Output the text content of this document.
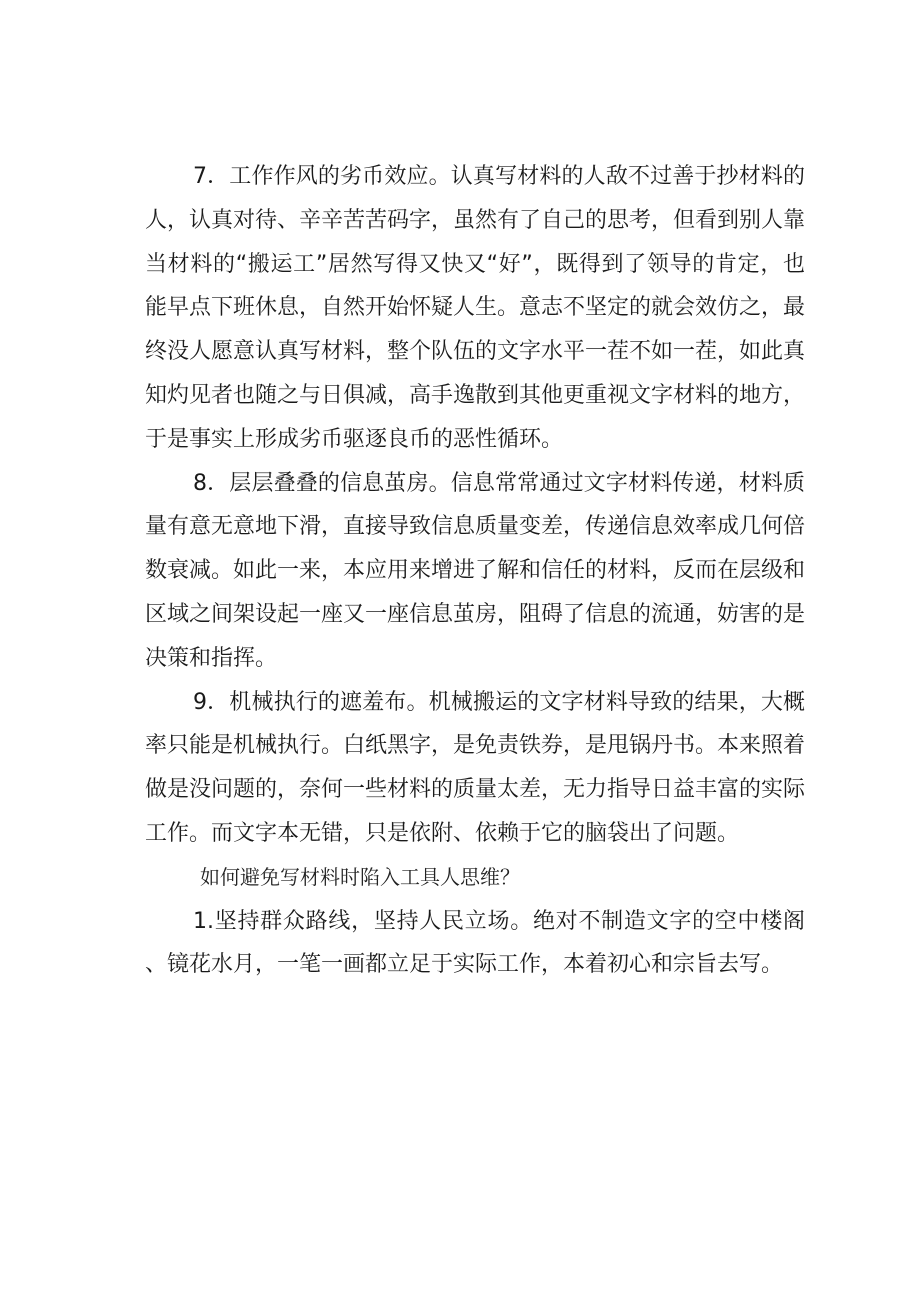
7．工作作风的劣币效应。认真写材料的人敌不过善于抄材料的人，认真对待、辛辛苦苦码字，虽然有了自己的思考，但看到别人靠当材料的“搬运工”居然写得又快又“好”，既得到了领导的肯定，也能早点下班休息，自然开始怀疑人生。意志不坚定的就会效仿之，最终没人愿意认真写材料，整个队伍的文字水平一茬不如一茬，如此真知灼见者也随之与日俱减，高手逸散到其他更重视文字材料的地方，于是事实上形成劣币驱逐良币的恶性循环。

8．层层叠叠的信息茧房。信息常常通过文字材料传递，材料质量有意无意地下滑，直接导致信息质量变差，传递信息效率成几何倍数衰减。如此一来，本应用来增进了解和信任的材料，反而在层级和区域之间架设起一座又一座信息茧房，阻碍了信息的流通，妨害的是决策和指挥。

9．机械执行的遮羞布。机械搬运的文字材料导致的结果，大概率只能是机械执行。白纸黑字，是免责铁券，是甩锅丹书。本来照着做是没问题的，奈何一些材料的质量太差，无力指导日益丰富的实际工作。而文字本无错，只是依附、依赖于它的脑袋出了问题。

如何避免写材料时陷入工具人思维？

1.坚持群众路线，坚持人民立场。绝对不制造文字的空中楼阁、镜花水月，一笔一画都立足于实际工作，本着初心和宗旨去写。
